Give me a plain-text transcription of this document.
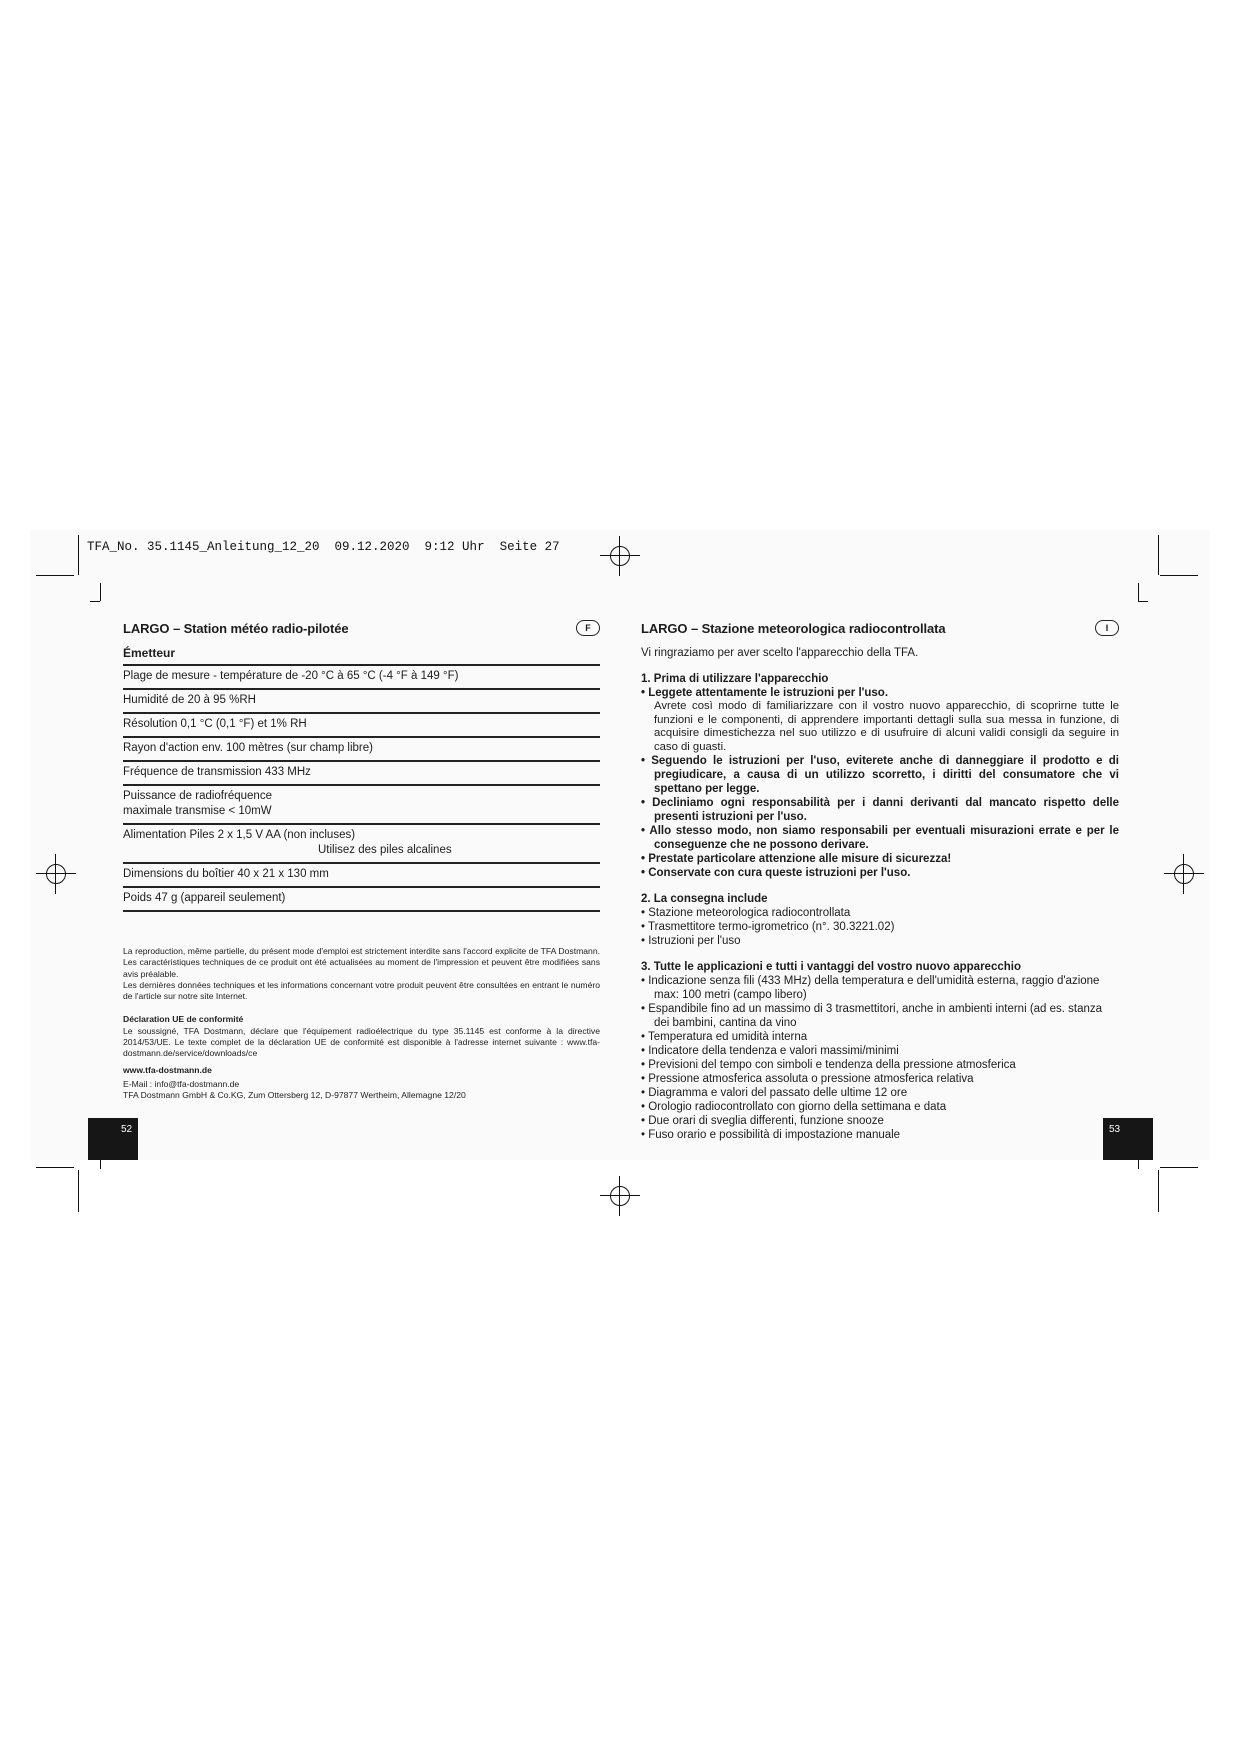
TFA_No. 35.1145_Anleitung_12_20  09.12.2020  9:12 Uhr  Seite 27
LARGO – Station météo radio-pilotée	F
Émetteur
Plage de mesure - température de -20 °C à 65 °C (-4 °F à 149 °F)
Humidité de 20 à 95 %RH
Résolution 0,1 °C (0,1 °F) et 1% RH
Rayon d'action env. 100 mètres (sur champ libre)
Fréquence de transmission 433 MHz
Puissance de radiofréquence
maximale transmise < 10mW
Alimentation Piles 2 x 1,5 V AA (non incluses)
Utilisez des piles alcalines
Dimensions du boîtier 40 x 21 x 130 mm
Poids 47 g (appareil seulement)

La reproduction, même partielle, du présent mode d'emploi est strictement interdite sans l'accord explicite de TFA Dostmann. Les caractéristiques techniques de ce produit ont été actualisées au moment de l'impression et peuvent être modifiées sans avis préalable.

Les dernières données techniques et les informations concernant votre produit peuvent être consultées en entrant le numéro de l'article sur notre site Internet.

Déclaration UE de conformité

Le soussigné, TFA Dostmann, déclare que l'équipement radioélectrique du type 35.1145 est conforme à la directive 2014/53/UE. Le texte complet de la déclaration UE de conformité est disponible à l'adresse internet suivante : www.tfa-dostmann.de/service/downloads/ce

www.tfa-dostmann.de

E-Mail : info@tfa-dostmann.de

TFA Dostmann GmbH & Co.KG, Zum Ottersberg 12, D-97877 Wertheim, Allemagne 12/20

52
LARGO – Stazione meteorologica radiocontrollata	I
Vi ringraziamo per aver scelto l'apparecchio della TFA.
1. Prima di utilizzare l'apparecchio
• Leggete attentamente le istruzioni per l'uso.
Avrete così modo di familiarizzare con il vostro nuovo apparecchio, di scoprirne tutte le funzioni e le componenti, di apprendere importanti dettagli sulla sua messa in funzione, di acquisire dimestichezza nel suo utilizzo e di usufruire di alcuni validi consigli da seguire in caso di guasti.
• Seguendo le istruzioni per l'uso, eviterete anche di danneggiare il prodotto e di pregiudicare, a causa di un utilizzo scorretto, i diritti del consumatore che vi spettano per legge.
• Decliniamo ogni responsabilità per i danni derivanti dal mancato rispetto delle presenti istruzioni per l'uso.
• Allo stesso modo, non siamo responsabili per eventuali misurazioni errate e per le conseguenze che ne possono derivare.
• Prestate particolare attenzione alle misure di sicurezza!
• Conservate con cura queste istruzioni per l'uso.
2. La consegna include
• Stazione meteorologica radiocontrollata
• Trasmettitore termo-igrometrico (n°. 30.3221.02)
• Istruzioni per l'uso
3. Tutte le applicazioni e tutti i vantaggi del vostro nuovo apparecchio
• Indicazione senza fili (433 MHz) della temperatura e dell'umidità esterna, raggio d'azione max: 100 metri (campo libero)
• Espandibile fino ad un massimo di 3 trasmettitori, anche in ambienti interni (ad es. stanza dei bambini, cantina da vino
• Temperatura ed umidità interna
• Indicatore della tendenza e valori massimi/minimi
• Previsioni del tempo con simboli e tendenza della pressione atmosferica
• Pressione atmosferica assoluta o pressione atmosferica relativa
• Diagramma e valori del passato delle ultime 12 ore
• Orologio radiocontrollato con giorno della settimana e data
• Due orari di sveglia differenti, funzione snooze
• Fuso orario e possibilità di impostazione manuale	53
